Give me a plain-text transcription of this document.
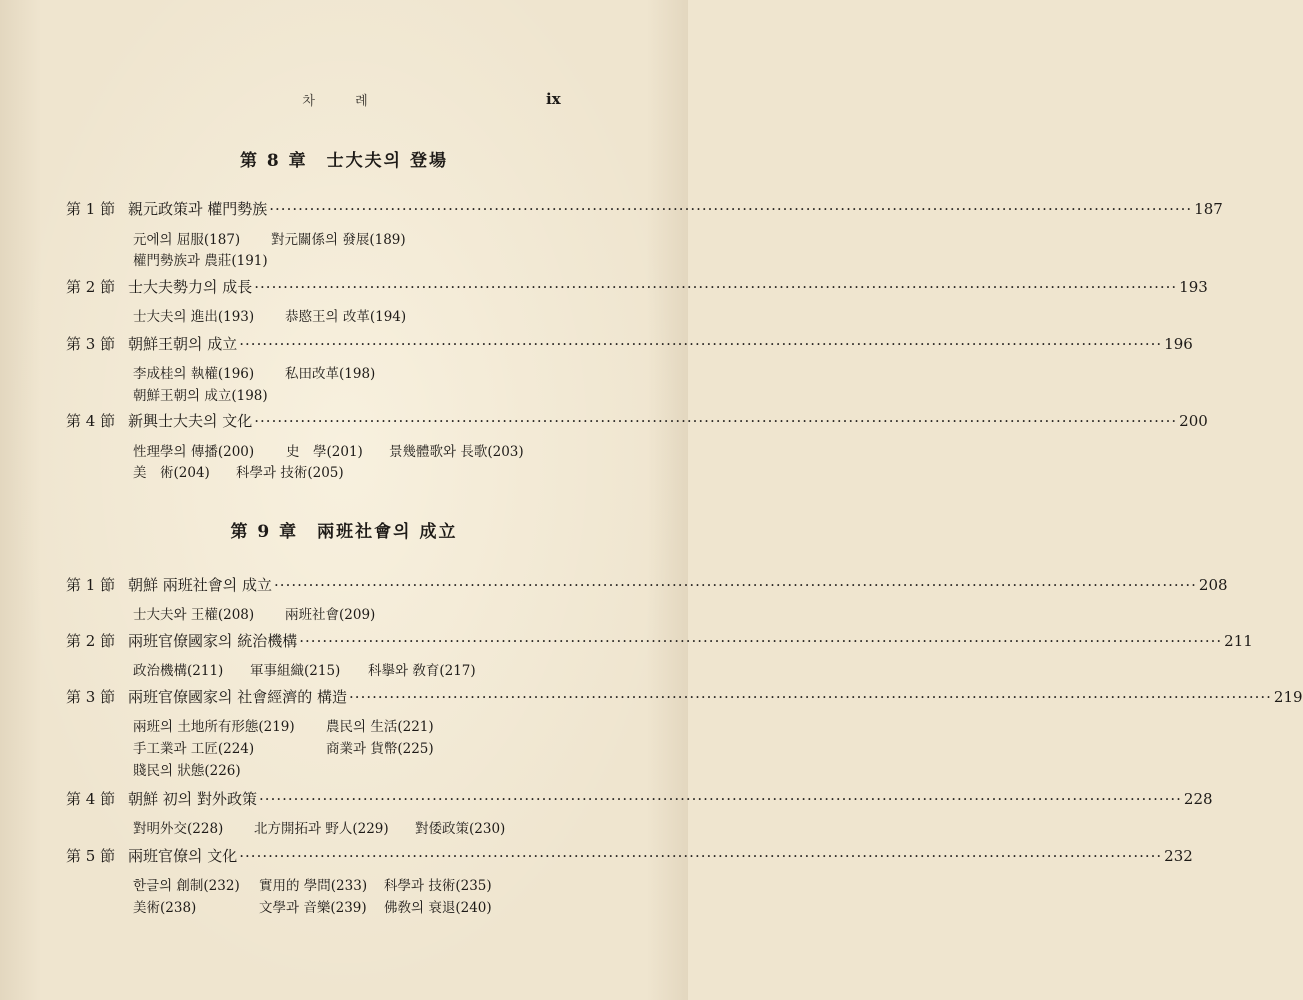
차 례	ix
第 8 章　士大夫의 登場
第 1 節 親元政策과 權門勢族 ································································································································································ 187
元에의 屈服(187) 對元關係의 發展(189)
權門勢族과 農莊(191)
第 2 節 士大夫勢力의 成長 ································································································································································ 193
士大夫의 進出(193) 恭愍王의 改革(194)
第 3 節 朝鮮王朝의 成立 ································································································································································ 196
李成桂의 執權(196) 私田改革(198)
朝鮮王朝의 成立(198)
第 4 節 新興士大夫의 文化 ································································································································································ 200
性理學의 傳播(200) 史　學(201) 景幾體歌와 長歌(203)
美　術(204) 科學과 技術(205)
第 9 章　兩班社會의 成立
第 1 節 朝鮮 兩班社會의 成立 ································································································································································ 208
士大夫와 王權(208) 兩班社會(209)
第 2 節 兩班官僚國家의 統治機構 ································································································································································ 211
政治機構(211) 軍事組織(215) 科擧와 敎育(217)
第 3 節 兩班官僚國家의 社會經濟的 構造 ································································································································································ 219
兩班의 土地所有形態(219) 農民의 生活(221)
手工業과 工匠(224)	商業과 貨幣(225)
賤民의 狀態(226)
第 4 節 朝鮮 初의 對外政策 ································································································································································ 228
對明外交(228) 北方開拓과 野人(229) 對倭政策(230)
第 5 節 兩班官僚의 文化 ································································································································································ 232
한글의 創制(232) 實用的 學問(233) 科學과 技術(235)
美術(238)	文學과 音樂(239) 佛敎의 衰退(240)
